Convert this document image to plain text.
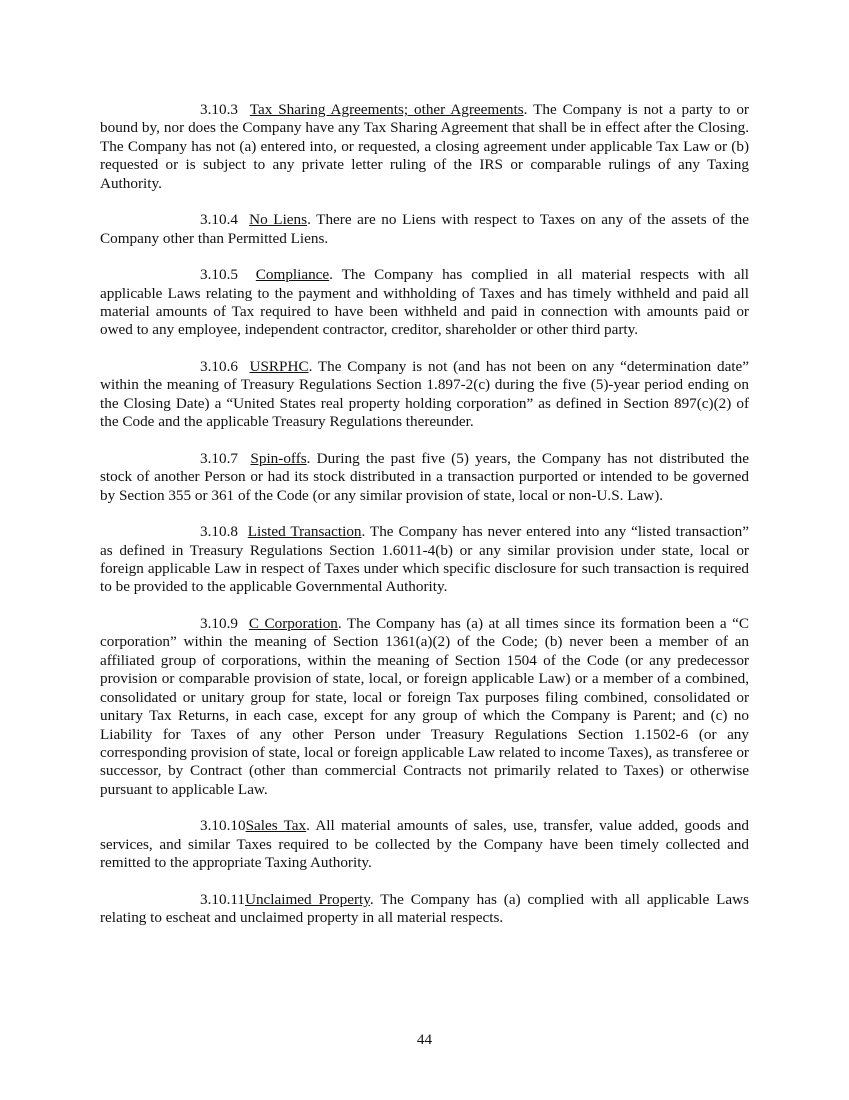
3.10.3 Tax Sharing Agreements; other Agreements. The Company is not a party to or bound by, nor does the Company have any Tax Sharing Agreement that shall be in effect after the Closing. The Company has not (a) entered into, or requested, a closing agreement under applicable Tax Law or (b) requested or is subject to any private letter ruling of the IRS or comparable rulings of any Taxing Authority.

3.10.4 No Liens. There are no Liens with respect to Taxes on any of the assets of the Company other than Permitted Liens.

3.10.5 Compliance. The Company has complied in all material respects with all applicable Laws relating to the payment and withholding of Taxes and has timely withheld and paid all material amounts of Tax required to have been withheld and paid in connection with amounts paid or owed to any employee, independent contractor, creditor, shareholder or other third party.

3.10.6 USRPHC. The Company is not (and has not been on any “determination date” within the meaning of Treasury Regulations Section 1.897-2(c) during the five (5)-year period ending on the Closing Date) a “United States real property holding corporation” as defined in Section 897(c)(2) of the Code and the applicable Treasury Regulations thereunder.

3.10.7 Spin-offs. During the past five (5) years, the Company has not distributed the stock of another Person or had its stock distributed in a transaction purported or intended to be governed by Section 355 or 361 of the Code (or any similar provision of state, local or non-U.S. Law).

3.10.8 Listed Transaction. The Company has never entered into any “listed transaction” as defined in Treasury Regulations Section 1.6011-4(b) or any similar provision under state, local or foreign applicable Law in respect of Taxes under which specific disclosure for such transaction is required to be provided to the applicable Governmental Authority.

3.10.9 C Corporation. The Company has (a) at all times since its formation been a “C corporation” within the meaning of Section 1361(a)(2) of the Code; (b) never been a member of an affiliated group of corporations, within the meaning of Section 1504 of the Code (or any predecessor provision or comparable provision of state, local, or foreign applicable Law) or a member of a combined, consolidated or unitary group for state, local or foreign Tax purposes filing combined, consolidated or unitary Tax Returns, in each case, except for any group of which the Company is Parent; and (c) no Liability for Taxes of any other Person under Treasury Regulations Section 1.1502-6 (or any corresponding provision of state, local or foreign applicable Law related to income Taxes), as transferee or successor, by Contract (other than commercial Contracts not primarily related to Taxes) or otherwise pursuant to applicable Law.

3.10.10Sales Tax. All material amounts of sales, use, transfer, value added, goods and services, and similar Taxes required to be collected by the Company have been timely collected and remitted to the appropriate Taxing Authority.

3.10.11Unclaimed Property. The Company has (a) complied with all applicable Laws relating to escheat and unclaimed property in all material respects.

44
